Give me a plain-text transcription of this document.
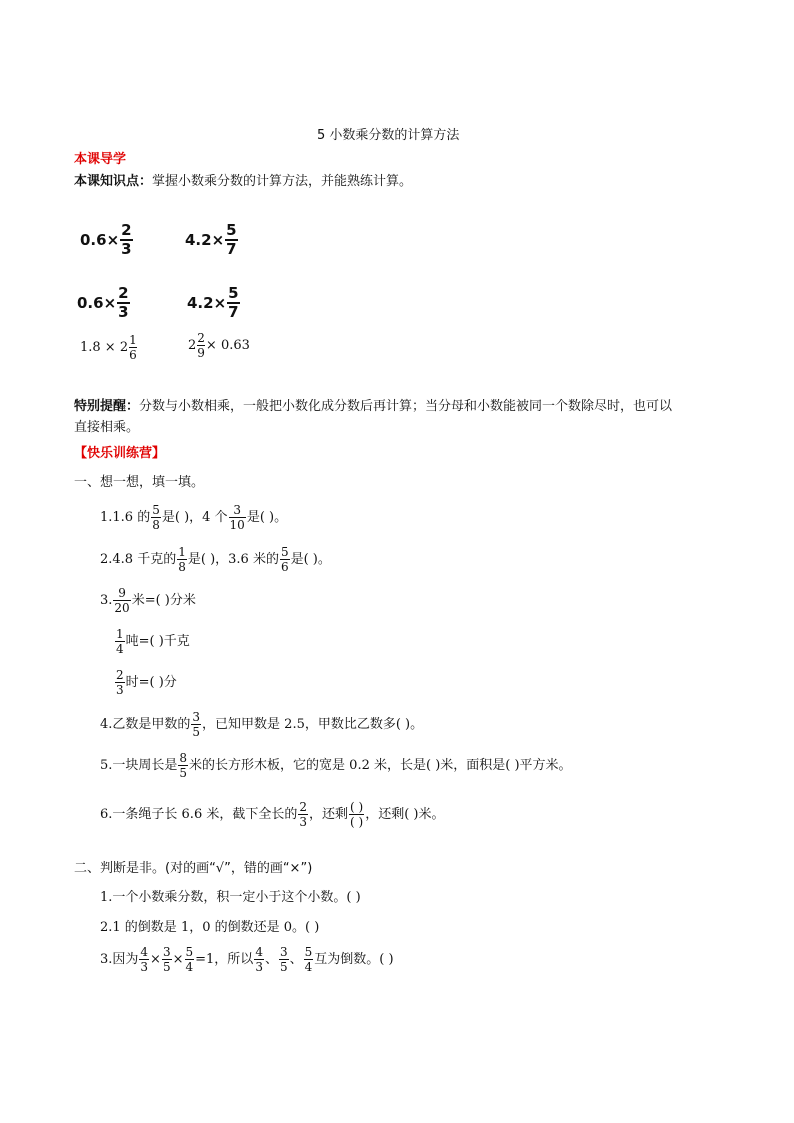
5 小数乘分数的计算方法
本课导学
本课知识点：掌握小数乘分数的计算方法，并能熟练计算。
$0.6\times \frac{2}{3}$	$4.2\times \frac{5}{7}$
$0.6\times \frac{2}{3}$	$4.2\times \frac{5}{7}$
$1.8 \times 2 \frac{1}{6}$	$2 \frac{2}{9} \times 0.63$
特别提醒：分数与小数相乘，一般把小数化成分数后再计算；当分母和小数能被同一个数除尽时，也可以
直接相乘。
【快乐训练营】
一、想一想，填一填。
1.1.6 的 $\frac{5}{8}$ 是( )，4 个 $\frac{3}{10}$ 是( )。
2.4.8 千克的 $\frac{1}{8}$ 是( )，3.6 米的 $\frac{5}{6}$ 是( )。
3. $\frac{9}{20}$ 米=( )分米
$\frac{1}{4}$ 吨=( )千克
$\frac{2}{3}$ 时=( )分
4.乙数是甲数的 $\frac{3}{5}$ ，已知甲数是 2.5，甲数比乙数多( )。
5.一块周长是 $\frac{8}{5}$ 米的长方形木板，它的宽是 0.2 米，长是( )米，面积是( )平方米。
6.一条绳子长 6.6 米，截下全长的 $\frac{2}{3}$ ，还剩 $\frac{( )}{( )}$ ，还剩( )米。
二、判断是非。(对的画“√”，错的画“×”)
1.一个小数乘分数，积一定小于这个小数。( )
2.1 的倒数是 1，0 的倒数还是 0。( )
3.因为 $\frac{4}{3} \times \frac{3}{5} \times \frac{5}{4} =1$，所以 $\frac{4}{3}$ 、 $\frac{3}{5}$ 、 $\frac{5}{4}$ 互为倒数。( )
